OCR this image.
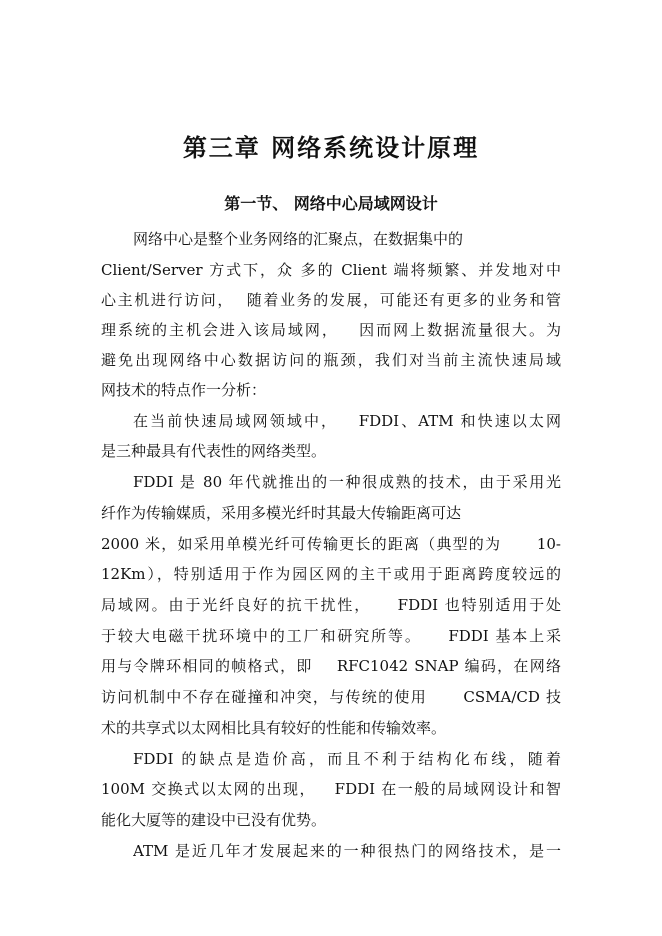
第三章 网络系统设计原理
第一节、 网络中心局域网设计
网络中心是整个业务网络的汇聚点，在数据集中的
Client/Server 方式下，众 多的 Client 端将频繁、并发地对中
心主机进行访问，  随着业务的发展，可能还有更多的业务和管
理系统的主机会进入该局域网，   因而网上数据流量很大。为
避免出现网络中心数据访问的瓶颈，我们对当前主流快速局域
网技术的特点作一分析：
在当前快速局域网领域中，   FDDI、ATM 和快速以太网
是三种最具有代表性的网络类型。
FDDI 是 80 年代就推出的一种很成熟的技术，由于采用光
纤作为传输媒质，采用多模光纤时其最大传输距离可达
2000 米，如采用单模光纤可传输更长的距离（典型的为      10-
12Km），特别适用于作为园区网的主干或用于距离跨度较远的
局域网。由于光纤良好的抗干扰性，    FDDI 也特别适用于处
于较大电磁干扰环境中的工厂和研究所等。    FDDI 基本上采
用与令牌环相同的帧格式，即    RFC1042 SNAP 编码，在网络
访问机制中不存在碰撞和冲突，与传统的使用      CSMA/CD 技
术的共享式以太网相比具有较好的性能和传输效率。
FDDI 的缺点是造价高，而且不利于结构化布线，随着
100M 交换式以太网的出现，   FDDI 在一般的局域网设计和智
能化大厦等的建设中已没有优势。
ATM 是近几年才发展起来的一种很热门的网络技术，是一
